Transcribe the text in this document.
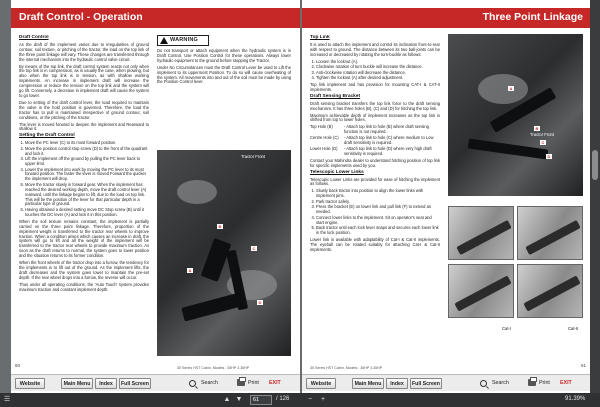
Draft Control - Operation
Draft Control

As the draft of the implement varies due to irregularities of ground contour, soil texture, or pitching of the tractor, the load on the top link of the three point linkage will vary. These changes are transferred through the internal mechanism into the hydraulic control valve circuit.

By means of the top link, the draft control system reacts not only when the top link is in compression, as is usually the case, when plowing, but also when the top link is in tension, as with shallow working implements. An increase in implement draft will increase the compression or reduce the tension on the top link and the system will go lift. Conversely, a decrease in implement draft will cause the system to go lower.

Due to setting of the draft control lever, the load required to maintain the valve in the hold position is governed. Therefore, the load the tractor has to pull is maintained irrespective of ground contour, soil conditions, or the pitching of the tractor.

The lever is moved forward to deepen the implement and Rearward to shallow it.

Setting the Draft Control
1. Move the PC lever (C) to its most forward position.
2. Move the position control stop screw (D) to the front of the quadrant and lock it.
3. Lift the implement off the ground by pulling the PC lever back to upper limit.
4. Lower the implement into work by moving the PC lever to its most forward position. The faster the lever is moved Forward the quicker the implement will drop.
5. Move the tractor slowly in forward gear. When the implement has reached the desired working depth, move the draft control lever (A) rearward, until the linkage begins to lift, due to the load on top link. This will be the position of the lever for that particular depth in a particular type of ground.
6. Having obtained a desired setting move DC Stop screw (B) until it touches the DC lever (A) and lock it in this position.

When the soil texture remains constant, the implement is partially carried on the three point linkage. Therefore, proportion of the implement weight is transferred to the tractor rear wheels to improve traction. When a condition arises which causes an increase in draft, the system will go to lift and all the weight of the implement will be transferred to the tractor rear wheels to provide maximum traction. As soon as the draft returns to normal, the system goes to lower position and the situation returns to its former condition.

When the front wheels of the tractor drop into a furrow, the tendency for the implements is to lift out of the ground. As the implement lifts, the draft decreases and the system goes lower to maintain the pre-set depth. If the rear wheel drops into a furrow, the reverse will occur.

Thus under all operating conditions, the 'Auto Touch' system provides maximum traction and constant implement depth.

WARNING

Do not transport or attach equipment when the hydraulic system is in Draft Control. Use Position Control for these operations. Always lower hydraulic equipment to the ground before stopping the Tractor.

Under No Circumstances must the Draft Control Lever be used to Lift the implement to its uppermost Position. To do so will cause overheating of the system. All movements into and out of the soil must be made by using the Position Control lever.

A
B
C
D
Tractor Front
60	35 Series HST Cabin, Models : 35HP 3.35HP
Website	Main Menu	Index	Full Screen	Search	Print EXIT
Three Point Linkage
Top Link

It is used to attach the implement and control its inclination front-to-rear with respect to ground. The distance between its two ball-joints can be increased or decreased by rotating the turn-buckle as follows:

1. Loosen the locknut (A).
2. Clockwise rotation of turn buckle will increase the distance.
3. Anti-clockwise rotation will decrease the distance.
4. Tighten the locknut (A) after desired adjustment.

Top link implement and has provision for mounting CAT-I & CAT-II implements.

Draft Sensing Bracket

Draft sensing bracket transfers the top link force to the draft sensing mechanism. It has three holes (B), (C) and (D) for hitching the top link.

Maximum achievable depth of implement increases as the top link is shifted from top to lower holes.

Top Hole (B)	- Attach top link to hole (B) where draft sensing function is not required.
Centre Hole (C)	- Attach top link to hole (C) where medium to Low draft sensitivity is required.
Lower Hole (D)	- Attach top link to hole (D) where very high draft sensitivity is required.

Contact your Mahindra dealer to understand hitching position of top link for specific implements used by you.

Telescopic Lower Links

Telescopic Lower Links are provided for ease of hitching the implement as follows.

1. Slowly back tractor into position to align the lower links with implement pins.
2. Park tractor safely.
3. Press the bracket (E) on lower link and pull link (F) to extend as needed.
4. Connect lower links to the implement. Sit on operator's seat and start engine.
5. Back tractor until each lock lever snaps and secures each lower link in the lock position.

Lower link is available with adaptability of Cat-I & Cat-II implements. The eyeball can be rotated suitably for attaching Cat-I & Cat-II implements.

A
B
C
D
Tractor Front
Cat-I	Cat-II
35 Series HST Cabin, Models : 35HP 3.35HP	61
Website	Main Menu	Index	Full Screen	Search	Print EXIT
☰	▲ ▼	61	/ 126	−	+	91.39%
